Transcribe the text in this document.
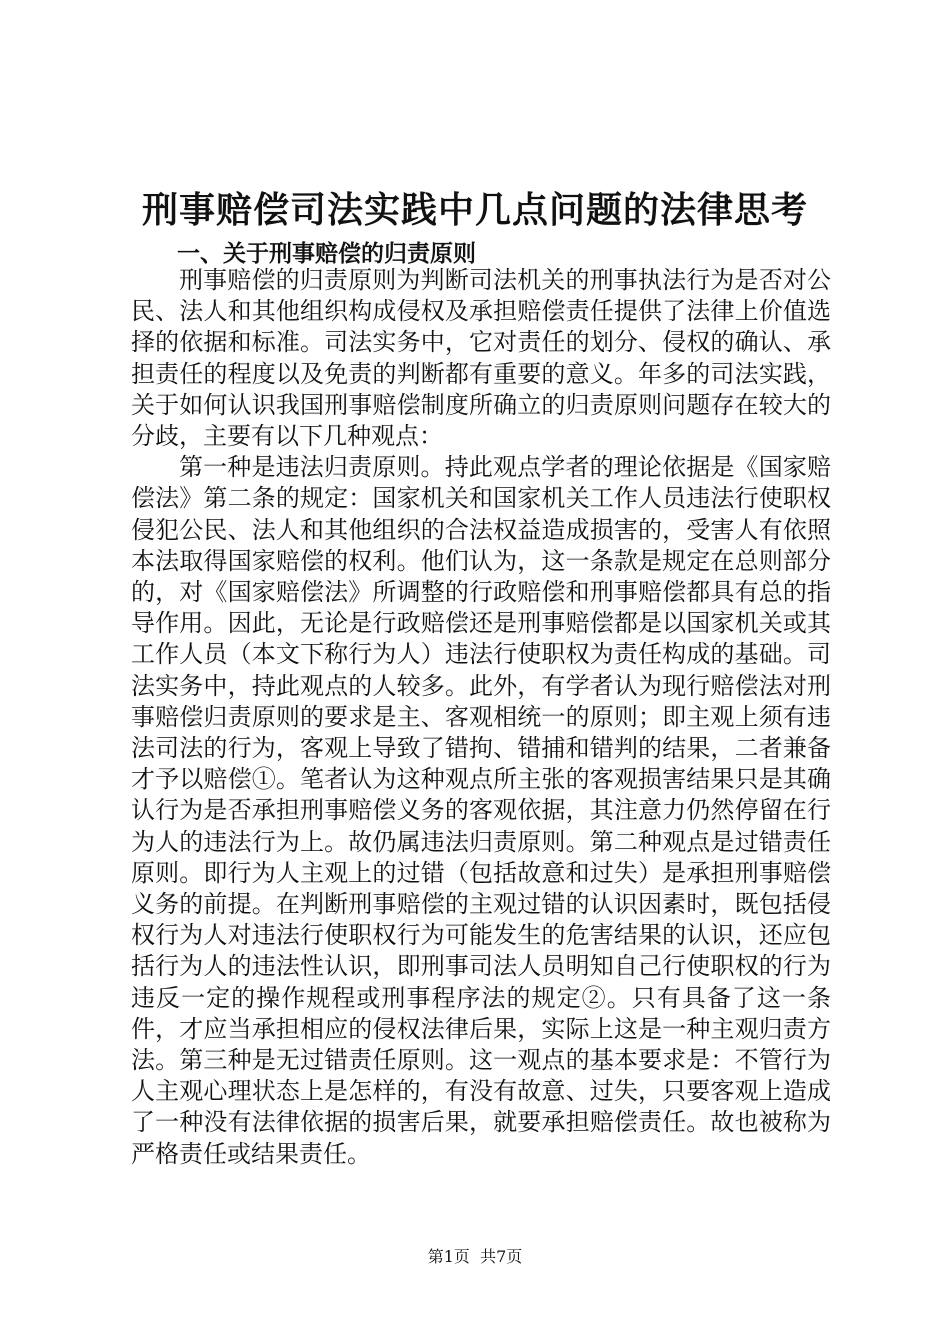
刑事赔偿司法实践中几点问题的法律思考
一、关于刑事赔偿的归责原则

刑事赔偿的归责原则为判断司法机关的刑事执法行为是否对公民、法人和其他组织构成侵权及承担赔偿责任提供了法律上价值选择的依据和标准。司法实务中，它对责任的划分、侵权的确认、承担责任的程度以及免责的判断都有重要的意义。年多的司法实践，关于如何认识我国刑事赔偿制度所确立的归责原则问题存在较大的分歧，主要有以下几种观点：

第一种是违法归责原则。持此观点学者的理论依据是《国家赔偿法》第二条的规定：国家机关和国家机关工作人员违法行使职权侵犯公民、法人和其他组织的合法权益造成损害的，受害人有依照本法取得国家赔偿的权利。他们认为，这一条款是规定在总则部分的，对《国家赔偿法》所调整的行政赔偿和刑事赔偿都具有总的指导作用。因此，无论是行政赔偿还是刑事赔偿都是以国家机关或其工作人员（本文下称行为人）违法行使职权为责任构成的基础。司法实务中，持此观点的人较多。此外，有学者认为现行赔偿法对刑事赔偿归责原则的要求是主、客观相统一的原则；即主观上须有违法司法的行为，客观上导致了错拘、错捕和错判的结果，二者兼备才予以赔偿①。笔者认为这种观点所主张的客观损害结果只是其确认行为是否承担刑事赔偿义务的客观依据，其注意力仍然停留在行为人的违法行为上。故仍属违法归责原则。第二种观点是过错责任原则。即行为人主观上的过错（包括故意和过失）是承担刑事赔偿义务的前提。在判断刑事赔偿的主观过错的认识因素时，既包括侵权行为人对违法行使职权行为可能发生的危害结果的认识，还应包括行为人的违法性认识，即刑事司法人员明知自己行使职权的行为违反一定的操作规程或刑事程序法的规定②。只有具备了这一条件，才应当承担相应的侵权法律后果，实际上这是一种主观归责方法。第三种是无过错责任原则。这一观点的基本要求是：不管行为人主观心理状态上是怎样的，有没有故意、过失，只要客观上造成了一种没有法律依据的损害后果，就要承担赔偿责任。故也被称为严格责任或结果责任。

第1页  共7页
